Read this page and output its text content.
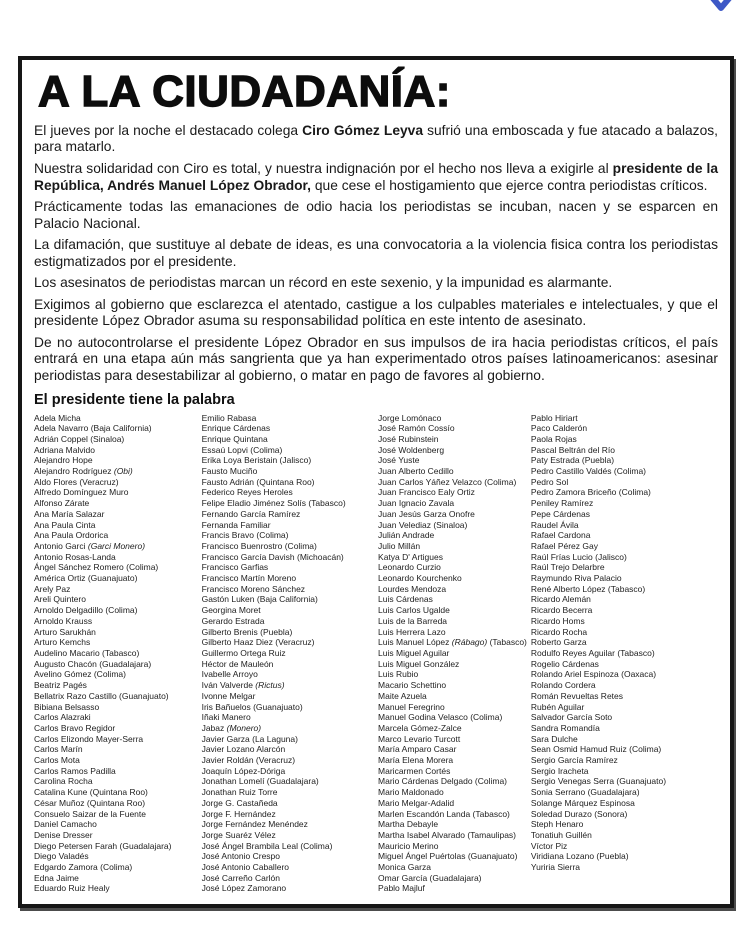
A LA CIUDADANÍA:

El jueves por la noche el destacado colega Ciro Gómez Leyva sufrió una emboscada y fue atacado a balazos, para matarlo.

Nuestra solidaridad con Ciro es total, y nuestra indignación por el hecho nos lleva a exigirle al presidente de la República, Andrés Manuel López Obrador, que cese el hostigamiento que ejerce contra periodistas críticos.

Prácticamente todas las emanaciones de odio hacia los periodistas se incuban, nacen y se esparcen en Palacio Nacional.

La difamación, que sustituye al debate de ideas, es una convocatoria a la violencia fisica contra los periodistas estigmatizados por el presidente.

Los asesinatos de periodistas marcan un récord en este sexenio, y la impunidad es alarmante.

Exigimos al gobierno que esclarezca el atentado, castigue a los culpables materiales e intelectuales, y que el presidente López Obrador asuma su responsabilidad política en este intento de asesinato.

De no autocontrolarse el presidente López Obrador en sus impulsos de ira hacia periodistas críticos, el país entrará en una etapa aún más sangrienta que ya han experimentado otros países latinoamericanos: asesinar periodistas para desestabilizar al gobierno, o matar en pago de favores al gobierno.

El presidente tiene la palabra
Adela Micha
Adela Navarro (Baja California)
Adrián Coppel (Sinaloa)
Adriana Malvido
Alejandro Hope
Alejandro Rodríguez (Obi)
Aldo Flores (Veracruz)
Alfredo Domínguez Muro
Alfonso Zárate
Ana María Salazar
Ana Paula Cinta
Ana Paula Ordorica
Antonio Garci (Garci Monero)
Antonio Rosas-Landa
Ángel Sánchez Romero (Colima)
América Ortiz (Guanajuato)
Arely Paz
Areli Quintero
Arnoldo Delgadillo (Colima)
Arnoldo Krauss
Arturo Sarukhán
Arturo Kemchs
Audelino Macario (Tabasco)
Augusto Chacón (Guadalajara)
Avelino Gómez (Colima)
Beatriz Pagés
Bellatrix Razo Castillo (Guanajuato)
Bibiana Belsasso
Carlos Alazraki
Carlos Bravo Regidor
Carlos Elizondo Mayer-Serra
Carlos Marín
Carlos Mota
Carlos Ramos Padilla
Carolina Rocha
Catalina Kune (Quintana Roo)
César Muñoz (Quintana Roo)
Consuelo Saizar de la Fuente
Daniel Camacho
Denise Dresser
Diego Petersen Farah (Guadalajara)
Diego Valadés
Edgardo Zamora (Colima)
Edna Jaime
Eduardo Ruiz Healy
Emilio Rabasa
Enrique Cárdenas
Enrique Quintana
Essaú Lopvi (Colima)
Erika Loya Beristain (Jalisco)
Fausto Muciño
Fausto Adrián (Quintana Roo)
Federico Reyes Heroles
Felipe Eladio Jiménez Solís (Tabasco)
Fernando García Ramírez
Fernanda Familiar
Francis Bravo (Colima)
Francisco Buenrostro (Colima)
Francisco García Davish (Michoacán)
Francisco Garfias
Francisco Martín Moreno
Francisco Moreno Sánchez
Gastón Luken (Baja California)
Georgina Moret
Gerardo Estrada
Gilberto Brenis (Puebla)
Gilberto Haaz Diez (Veracruz)
Guillermo Ortega Ruiz
Héctor de Mauleón
Ivabelle Arroyo
Iván Valverde (Rictus)
Ivonne Melgar
Iris Bañuelos (Guanajuato)
Iñaki Manero
Jabaz (Monero)
Javier Garza (La Laguna)
Javier Lozano Alarcón
Javier Roldán (Veracruz)
Joaquín López-Dóriga
Jonathan Lomelí (Guadalajara)
Jonathan Ruiz Torre
Jorge G. Castañeda
Jorge F. Hernández
Jorge Fernández Menéndez
Jorge Suaréz Vélez
José Ángel Brambila Leal (Colima)
José Antonio Crespo
José Antonio Caballero
José Carreño Carlón
José López Zamorano
Jorge Lomónaco
José Ramón Cossío
José Rubinstein
José Woldenberg
José Yuste
Juan Alberto Cedillo
Juan Carlos Yáñez Velazco (Colima)
Juan Francisco Ealy Ortiz
Juan Ignacio Zavala
Juan Jesús Garza Onofre
Juan Velediaz (Sinaloa)
Julián Andrade
Julio Millán
Katya D' Artigues
Leonardo Curzio
Leonardo Kourchenko
Lourdes Mendoza
Luis Cárdenas
Luis Carlos Ugalde
Luis de la Barreda
Luis Herrera Lazo
Luis Manuel López (Rábago) (Tabasco)
Luis Miguel Aguilar
Luis Miguel González
Luis Rubio
Macario Schettino
Maite Azuela
Manuel Feregrino
Manuel Godina Velasco (Colima)
Marcela Gómez-Zalce
Marco Levario Turcott
María Amparo Casar
María Elena Morera
Maricarmen Cortés
Mario Cárdenas Delgado (Colima)
Mario Maldonado
Mario Melgar-Adalid
Marlen Escandón Landa (Tabasco)
Martha Debayle
Martha Isabel Alvarado (Tamaulipas)
Mauricio Merino
Miguel Ángel Puértolas (Guanajuato)
Monica Garza
Omar García (Guadalajara)
Pablo Majluf
Pablo Hiriart
Paco Calderón
Paola Rojas
Pascal Beltrán del Río
Paty Estrada (Puebla)
Pedro Castillo Valdés (Colima)
Pedro Sol
Pedro Zamora Briceño (Colima)
Peniley Ramírez
Pepe Cárdenas
Raudel Ávila
Rafael Cardona
Rafael Pérez Gay
Raúl Frías Lucio (Jalisco)
Raúl Trejo Delarbre
Raymundo Riva Palacio
René Alberto López (Tabasco)
Ricardo Alemán
Ricardo Becerra
Ricardo Homs
Ricardo Rocha
Roberto Garza
Rodulfo Reyes Aguilar (Tabasco)
Rogelio Cárdenas
Rolando Ariel Espinoza (Oaxaca)
Rolando Cordera
Román Revueltas Retes
Rubén Aguilar
Salvador García Soto
Sandra Romandía
Sara Dulche
Sean Osmid Hamud Ruiz (Colima)
Sergio García Ramírez
Sergio Iracheta
Sergio Venegas Serra (Guanajuato)
Sonia Serrano (Guadalajara)
Solange Márquez Espinosa
Soledad Durazo (Sonora)
Steph Henaro
Tonatiuh Guillén
Víctor Piz
Viridiana Lozano (Puebla)
Yuriria Sierra
